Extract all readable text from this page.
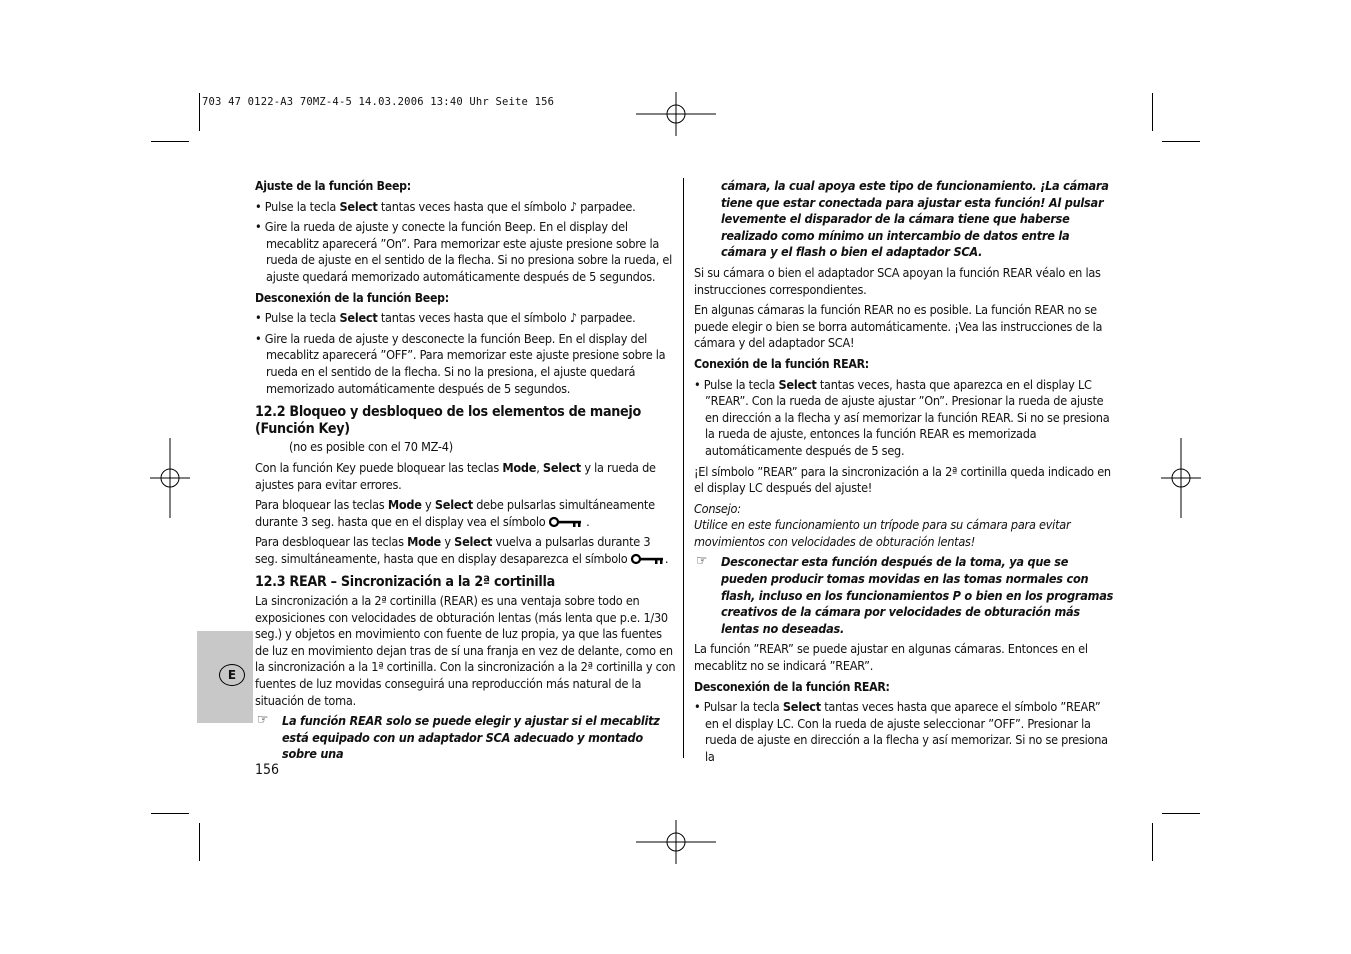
703 47 0122-A3 70MZ-4-5 14.03.2006 13:40 Uhr Seite 156
E

Ajuste de la función Beep:

• Pulse la tecla Select tantas veces hasta que el símbolo ♪ parpadee.

• Gire la rueda de ajuste y conecte la función Beep. En el display del mecablitz aparecerá ”On”. Para memorizar este ajuste presione sobre la rueda de ajuste en el sentido de la flecha. Si no presiona sobre la rueda, el ajuste quedará memorizado automáticamente después de 5 segundos.

Desconexión de la función Beep:

• Pulse la tecla Select tantas veces hasta que el símbolo ♪ parpadee.

• Gire la rueda de ajuste y desconecte la función Beep. En el display del mecablitz aparecerá ”OFF”. Para memorizar este ajuste presione sobre la rueda en el sentido de la flecha. Si no la presiona, el ajuste quedará memorizado automáticamente después de 5 segundos.

12.2 Bloqueo y desbloqueo de los elementos de manejo (Función Key)

(no es posible con el 70 MZ-4)

Con la función Key puede bloquear las teclas Mode, Select y la rueda de ajustes para evitar errores.

Para bloquear las teclas Mode y Select debe pulsarlas simultáneamente durante 3 seg. hasta que en el display vea el símbolo	.

Para desbloquear las teclas Mode y Select vuelva a pulsarlas durante 3 seg. simultáneamente, hasta que en display desaparezca el símbolo	.

12.3 REAR – Sincronización a la 2ª cortinilla

La sincronización a la 2ª cortinilla (REAR) es una ventaja sobre todo en exposiciones con velocidades de obturación lentas (más lenta que p.e. 1/30 seg.) y objetos en movimiento con fuente de luz propia, ya que las fuentes de luz en movimiento dejan tras de sí una franja en vez de delante, como en la sincronización a la 1ª cortinilla. Con la sincronización a la 2ª cortinilla y con fuentes de luz movidas conseguirá una reproducción más natural de la situación de toma.

☞ La función REAR solo se puede elegir y ajustar si el mecablitz está equipado con un adaptador SCA adecuado y montado sobre una

156

cámara, la cual apoya este tipo de funcionamiento. ¡La cámara tiene que estar conectada para ajustar esta función! Al pulsar levemente el disparador de la cámara tiene que haberse realizado como mínimo un intercambio de datos entre la cámara y el flash o bien el adaptador SCA.

Si su cámara o bien el adaptador SCA apoyan la función REAR véalo en las instrucciones correspondientes.

En algunas cámaras la función REAR no es posible. La función REAR no se puede elegir o bien se borra automáticamente. ¡Vea las instrucciones de la cámara y del adaptador SCA!

Conexión de la función REAR:

• Pulse la tecla Select tantas veces, hasta que aparezca en el display LC ”REAR”. Con la rueda de ajuste ajustar ”On”. Presionar la rueda de ajuste en dirección a la flecha y así memorizar la función REAR. Si no se presiona la rueda de ajuste, entonces la función REAR es memorizada automáticamente después de 5 seg.

¡El símbolo ”REAR” para la sincronización a la 2ª cortinilla queda indicado en el display LC después del ajuste!

Consejo:

Utilice en este funcionamiento un trípode para su cámara para evitar movimientos con velocidades de obturación lentas!

☞ Desconectar esta función después de la toma, ya que se pueden producir tomas movidas en las tomas normales con flash, incluso en los funcionamientos P o bien en los programas creativos de la cámara por velocidades de obturación más lentas no deseadas.

La función ”REAR” se puede ajustar en algunas cámaras. Entonces en el mecablitz no se indicará ”REAR”.

Desconexión de la función REAR:

• Pulsar la tecla Select tantas veces hasta que aparece el símbolo ”REAR” en el display LC. Con la rueda de ajuste seleccionar ”OFF”. Presionar la rueda de ajuste en dirección a la flecha y así memorizar. Si no se presiona la
